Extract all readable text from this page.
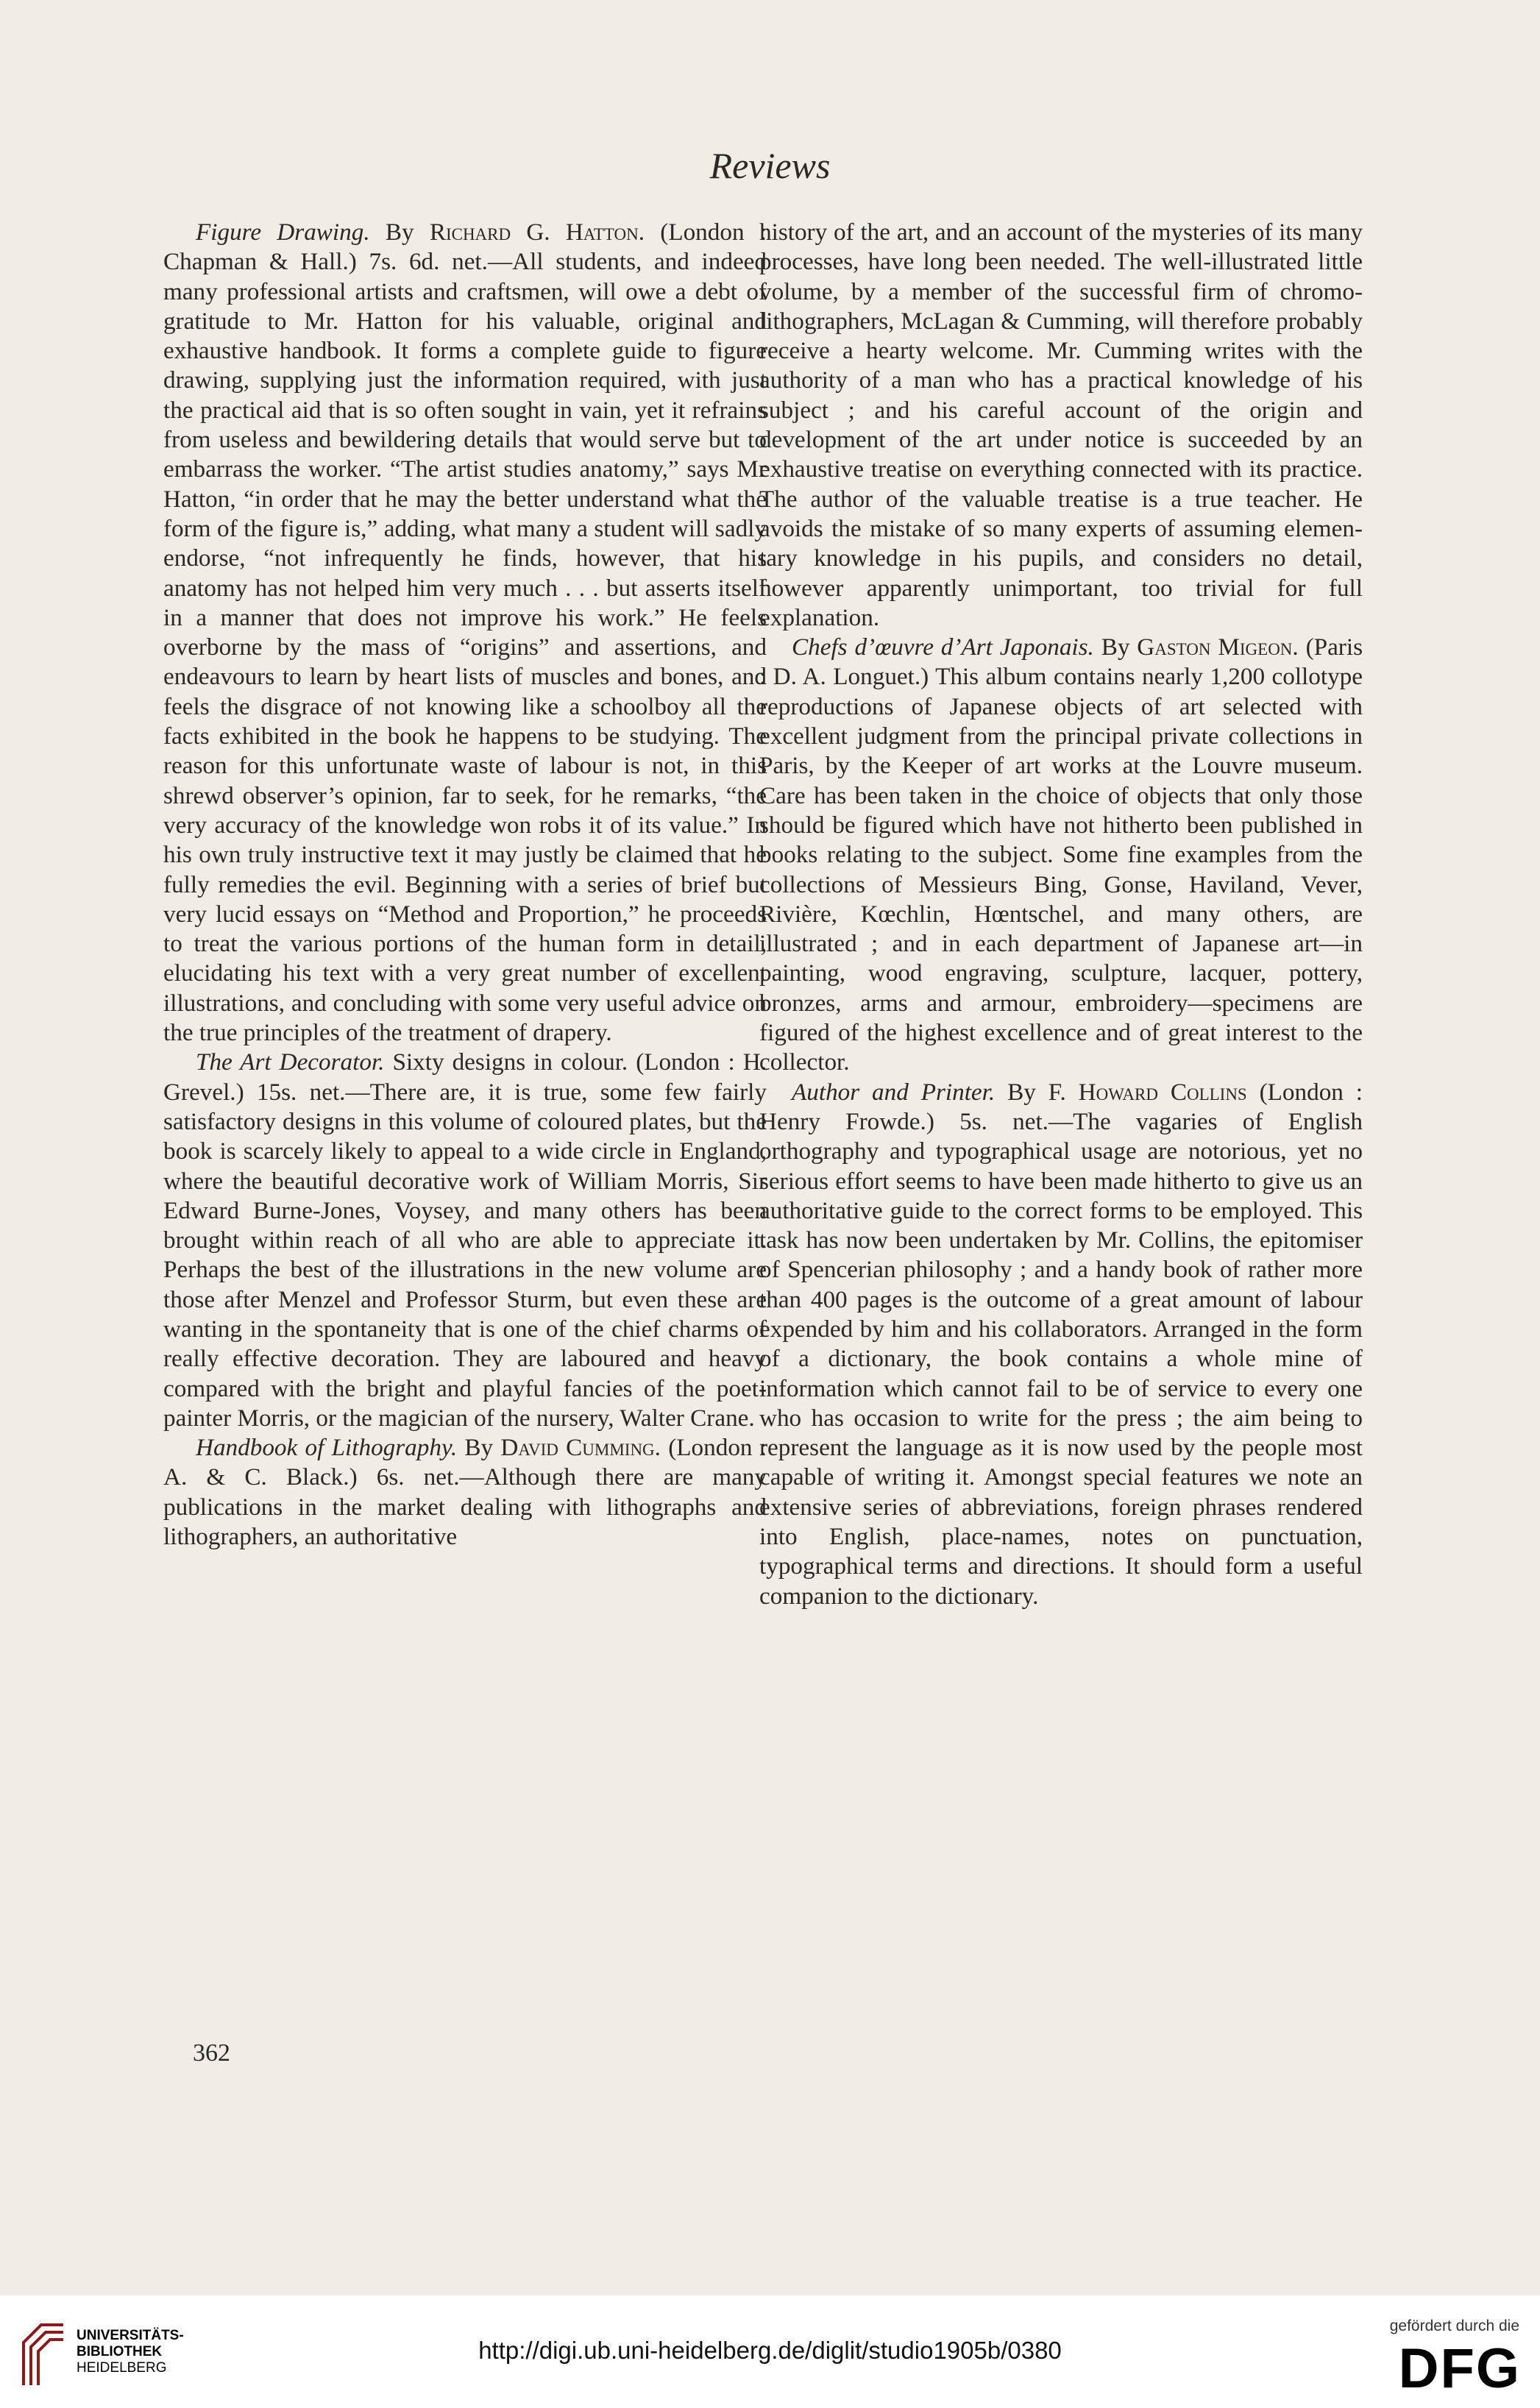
Reviews

Figure Drawing. By Richard G. Hatton. (London : Chapman & Hall.) 7s. 6d. net.—All students, and indeed many professional artists and craftsmen, will owe a debt of gratitude to Mr. Hatton for his valuable, original and exhaustive handbook. It forms a complete guide to figure drawing, supplying just the information required, with just the practical aid that is so often sought in vain, yet it refrains from useless and bewildering details that would serve but to embarrass the worker. “The artist studies anatomy,” says Mr Hatton, “in order that he may the better understand what the form of the figure is,” adding, what many a student will sadly endorse, “not infrequently he finds, however, that his anatomy has not helped him very much . . . but asserts itself in a manner that does not improve his work.” He feels overborne by the mass of “origins” and assertions, and endeavours to learn by heart lists of muscles and bones, and feels the disgrace of not knowing like a schoolboy all the facts exhibited in the book he happens to be studying. The reason for this unfortunate waste of labour is not, in this shrewd observer’s opinion, far to seek, for he remarks, “the very accuracy of the knowledge won robs it of its value.” In his own truly instructive text it may justly be claimed that he fully remedies the evil. Beginning with a series of brief but very lucid essays on “Method and Proportion,” he proceeds to treat the various portions of the human form in detail, elucidating his text with a very great number of excellent illustrations, and concluding with some very useful advice on the true principles of the treatment of drapery.

The Art Decorator. Sixty designs in colour. (London : H. Grevel.) 15s. net.—There are, it is true, some few fairly satisfactory designs in this volume of coloured plates, but the book is scarcely likely to appeal to a wide circle in England, where the beautiful decorative work of William Morris, Sir Edward Burne-Jones, Voysey, and many others has been brought within reach of all who are able to appreciate it. Perhaps the best of the illustrations in the new volume are those after Menzel and Professor Sturm, but even these are wanting in the spontaneity that is one of the chief charms of really effective decoration. They are laboured and heavy compared with the bright and playful fancies of the poet-painter Morris, or the magician of the nursery, Walter Crane.

Handbook of Lithography. By David Cumming. (London : A. & C. Black.) 6s. net.—Although there are many publications in the market dealing with lithographs and lithographers, an authoritative

history of the art, and an account of the mysteries of its many processes, have long been needed. The well-illustrated little volume, by a member of the successful firm of chromo-lithographers, McLagan & Cumming, will therefore probably receive a hearty welcome. Mr. Cumming writes with the authority of a man who has a practical knowledge of his subject ; and his careful account of the origin and development of the art under notice is succeeded by an exhaustive treatise on everything connected with its practice. The author of the valuable treatise is a true teacher. He avoids the mistake of so many experts of assuming elementary knowledge in his pupils, and considers no detail, however apparently unimportant, too trivial for full explanation.

Chefs d’œuvre d’Art Japonais. By Gaston Migeon. (Paris : D. A. Longuet.) This album contains nearly 1,200 collotype reproductions of Japanese objects of art selected with excellent judgment from the principal private collections in Paris, by the Keeper of art works at the Louvre museum. Care has been taken in the choice of objects that only those should be figured which have not hitherto been published in books relating to the subject. Some fine examples from the collections of Messieurs Bing, Gonse, Haviland, Vever, Rivière, Kœchlin, Hœntschel, and many others, are illustrated ; and in each department of Japanese art—in painting, wood engraving, sculpture, lacquer, pottery, bronzes, arms and armour, embroidery—specimens are figured of the highest excellence and of great interest to the collector.

Author and Printer. By F. Howard Collins (London : Henry Frowde.) 5s. net.—The vagaries of English orthography and typographical usage are notorious, yet no serious effort seems to have been made hitherto to give us an authoritative guide to the correct forms to be employed. This task has now been undertaken by Mr. Collins, the epitomiser of Spencerian philosophy ; and a handy book of rather more than 400 pages is the outcome of a great amount of labour expended by him and his collaborators. Arranged in the form of a dictionary, the book contains a whole mine of information which cannot fail to be of service to every one who has occasion to write for the press ; the aim being to represent the language as it is now used by the people most capable of writing it. Amongst special features we note an extensive series of abbreviations, foreign phrases rendered into English, place-names, notes on punctuation, typographical terms and directions. It should form a useful companion to the dictionary.

362
UNIVERSITÄTS-
BIBLIOTHEK
HEIDELBERG
http://digi.ub.uni-heidelberg.de/diglit/studio1905b/0380
gefördert durch die
DFG
